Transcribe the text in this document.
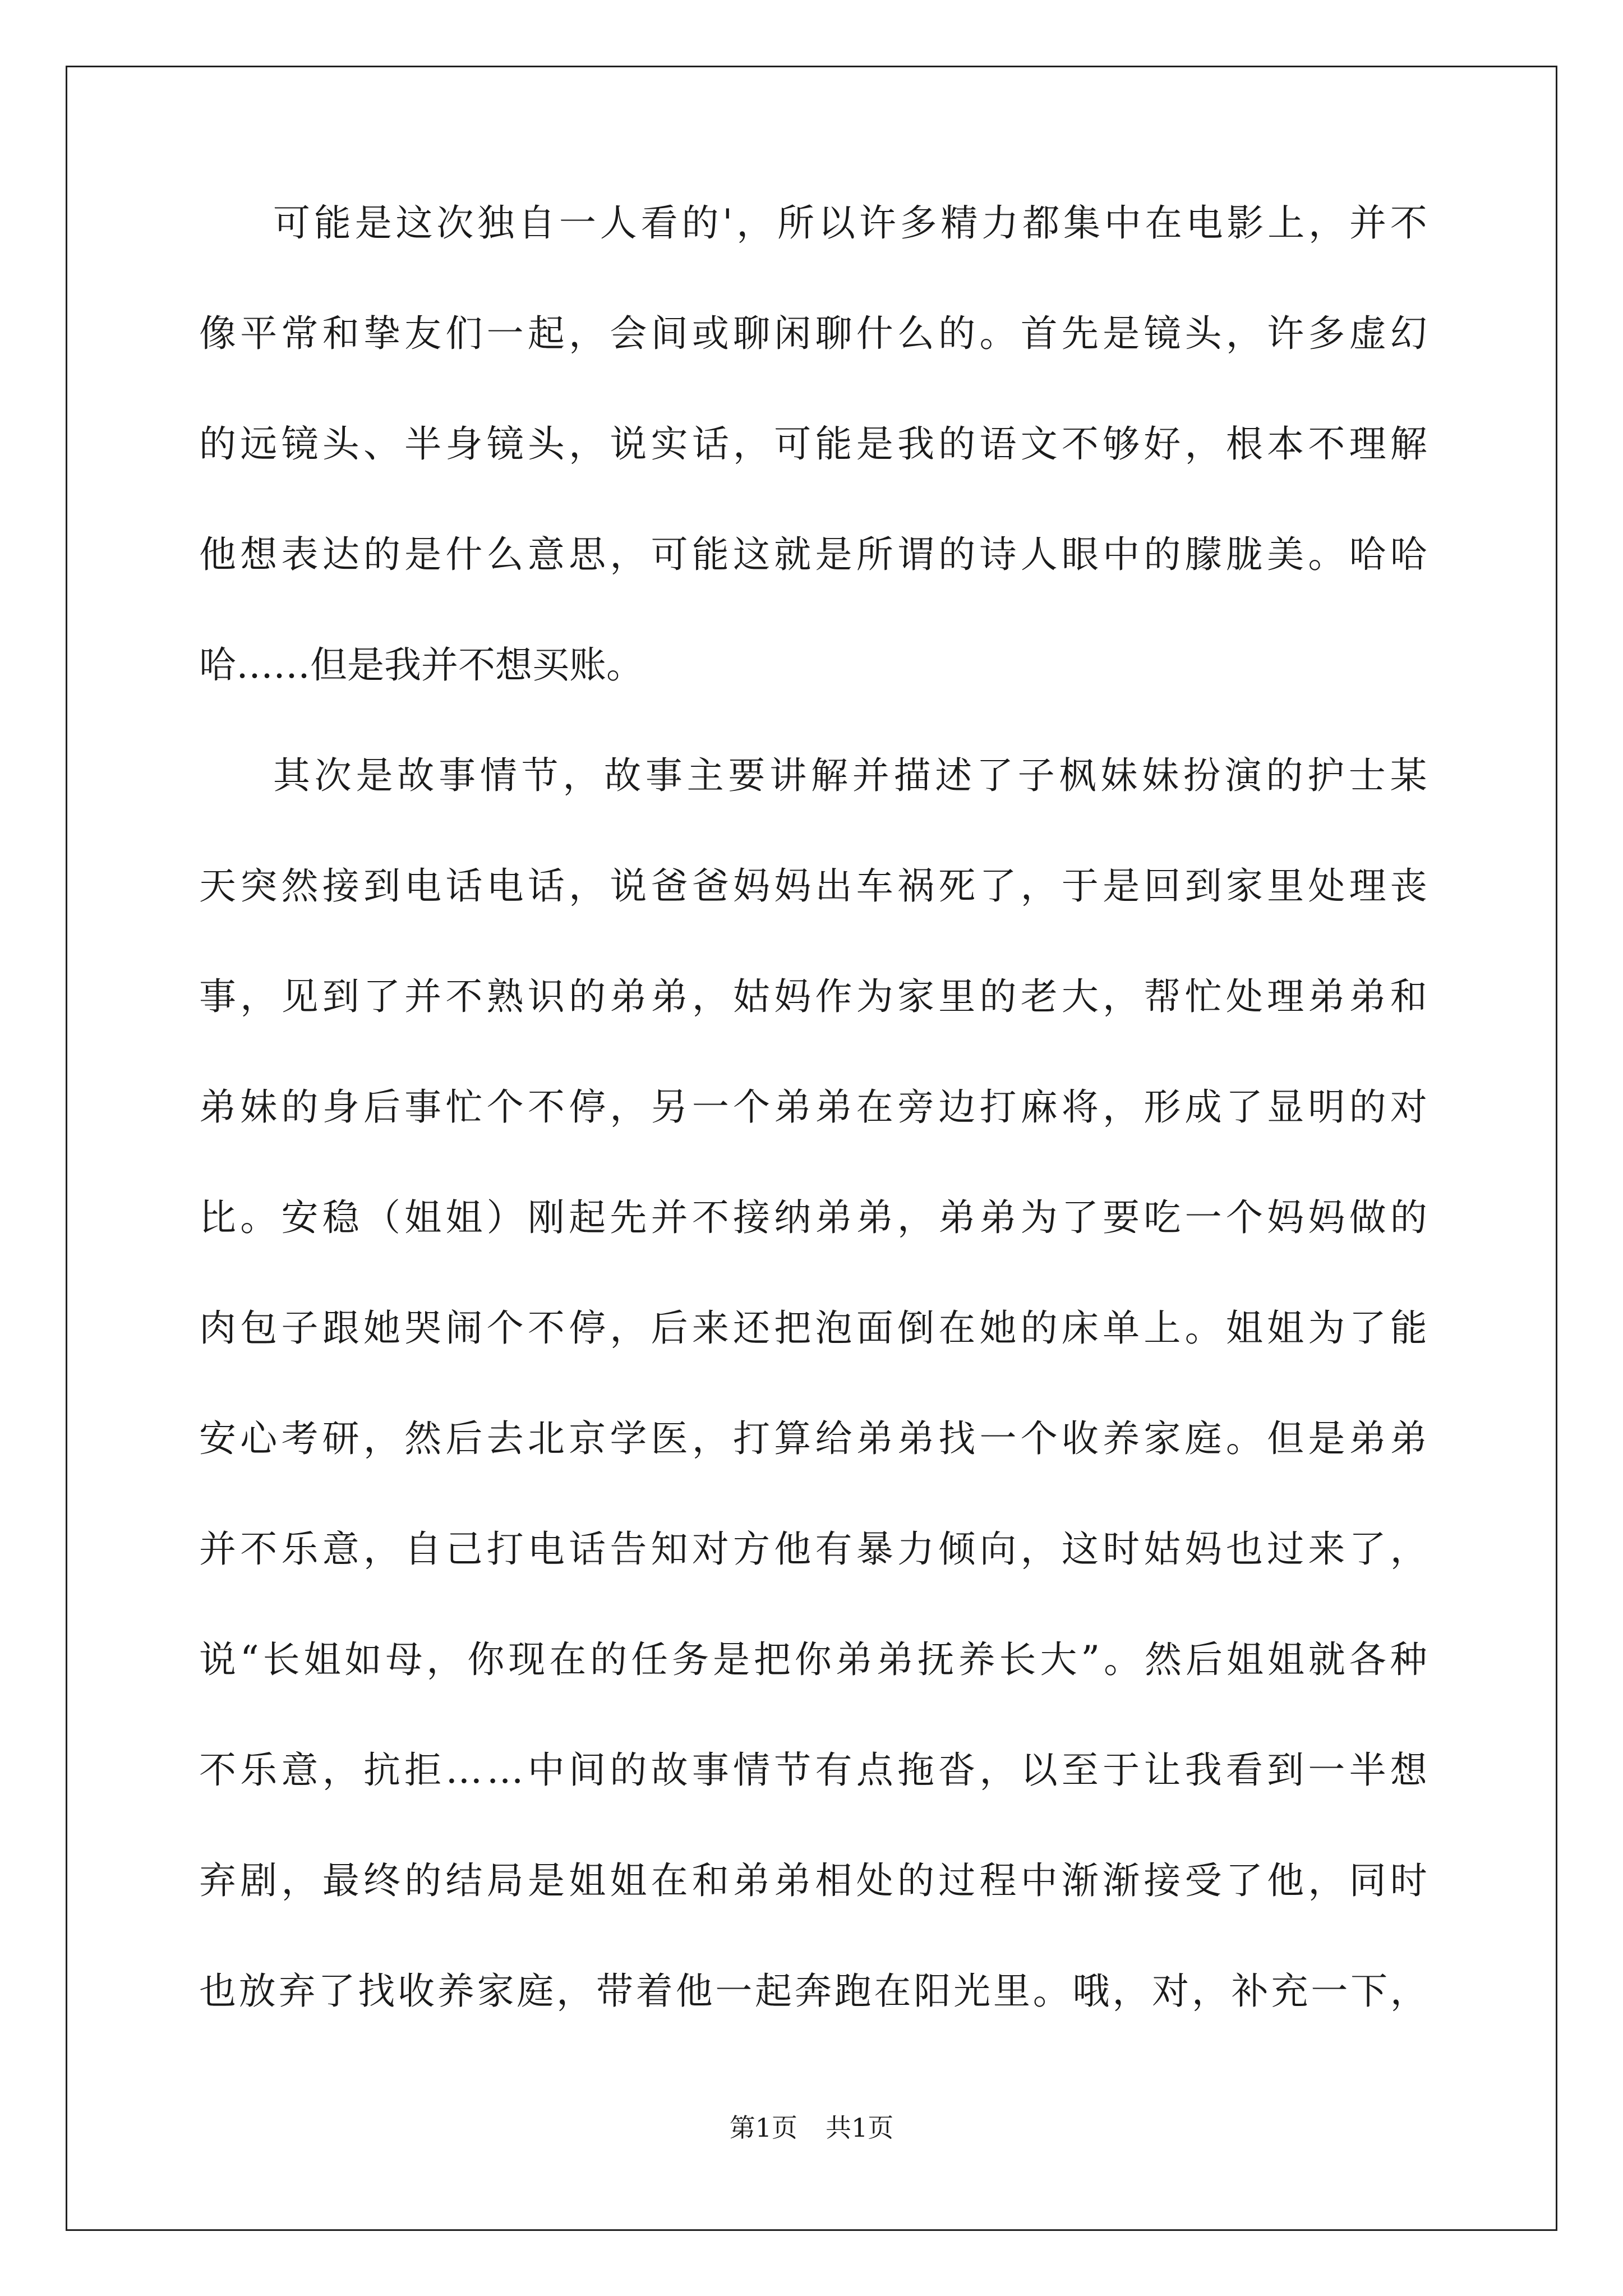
可 能 是 这 次 独 自 一 人 看 的 ' ， 所 以 许 多 精 力 都 集 中 在 电 影 上 ， 并 不
像 平 常 和 挚 友 们 一 起 ， 会 间 或 聊 闲 聊 什 么 的 。 首 先 是 镜 头 ， 许 多 虚 幻
的 远 镜 头 、 半 身 镜 头 ， 说 实 话 ， 可 能 是 我 的 语 文 不 够 好 ， 根 本 不 理 解
他 想 表 达 的 是 什 么 意 思 ， 可 能 这 就 是 所 谓 的 诗 人 眼 中 的 朦 胧 美 。 哈 哈
哈……但是我并不想买账。
其 次 是 故 事 情 节 ， 故 事 主 要 讲 解 并 描 述 了 子 枫 妹 妹 扮 演 的 护 士 某
天 突 然 接 到 电 话 电 话 ， 说 爸 爸 妈 妈 出 车 祸 死 了 ， 于 是 回 到 家 里 处 理 丧
事 ， 见 到 了 并 不 熟 识 的 弟 弟 ， 姑 妈 作 为 家 里 的 老 大 ， 帮 忙 处 理 弟 弟 和
弟 妹 的 身 后 事 忙 个 不 停 ， 另 一 个 弟 弟 在 旁 边 打 麻 将 ， 形 成 了 显 明 的 对
比 。 安 稳 （ 姐 姐 ） 刚 起 先 并 不 接 纳 弟 弟 ， 弟 弟 为 了 要 吃 一 个 妈 妈 做 的
肉 包 子 跟 她 哭 闹 个 不 停 ， 后 来 还 把 泡 面 倒 在 她 的 床 单 上 。 姐 姐 为 了 能
安 心 考 研 ， 然 后 去 北 京 学 医 ， 打 算 给 弟 弟 找 一 个 收 养 家 庭 。 但 是 弟 弟
并 不 乐 意 ， 自 己 打 电 话 告 知 对 方 他 有 暴 力 倾 向 ， 这 时 姑 妈 也 过 来 了 ，
说 “ 长 姐 如 母 ， 你 现 在 的 任 务 是 把 你 弟 弟 抚 养 长 大 ” 。 然 后 姐 姐 就 各 种
不 乐 意 ， 抗 拒 … … 中 间 的 故 事 情 节 有 点 拖 沓 ， 以 至 于 让 我 看 到 一 半 想
弃 剧 ， 最 终 的 结 局 是 姐 姐 在 和 弟 弟 相 处 的 过 程 中 渐 渐 接 受 了 他 ， 同 时
也 放 弃 了 找 收 养 家 庭 ， 带 着 他 一 起 奔 跑 在 阳 光 里 。 哦 ， 对 ， 补 充 一 下 ，
第1页 共1页
